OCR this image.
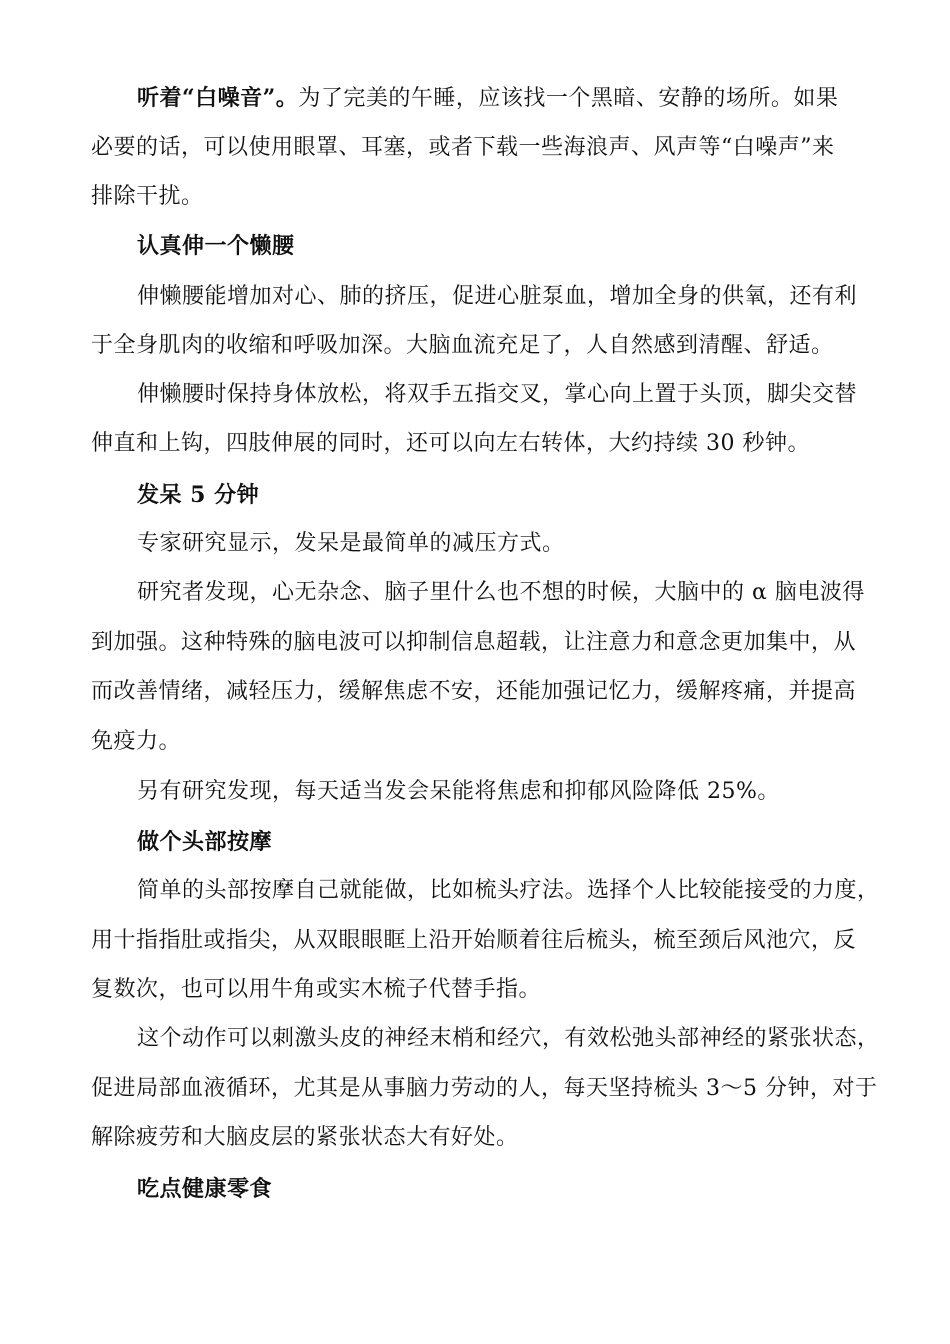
听着“白噪音”。为了完美的午睡，应该找一个黑暗、安静的场所。如果
必要的话，可以使用眼罩、耳塞，或者下载一些海浪声、风声等“白噪声”来
排除干扰。
认真伸一个懒腰
伸懒腰能增加对心、肺的挤压，促进心脏泵血，增加全身的供氧，还有利
于全身肌肉的收缩和呼吸加深。大脑血流充足了，人自然感到清醒、舒适。
伸懒腰时保持身体放松，将双手五指交叉，掌心向上置于头顶，脚尖交替
伸直和上钩，四肢伸展的同时，还可以向左右转体，大约持续 30 秒钟。
发呆 5 分钟
专家研究显示，发呆是最简单的减压方式。
研究者发现，心无杂念、脑子里什么也不想的时候，大脑中的 α 脑电波得
到加强。这种特殊的脑电波可以抑制信息超载，让注意力和意念更加集中，从
而改善情绪，减轻压力，缓解焦虑不安，还能加强记忆力，缓解疼痛，并提高
免疫力。
另有研究发现，每天适当发会呆能将焦虑和抑郁风险降低 25%。
做个头部按摩
简单的头部按摩自己就能做，比如梳头疗法。选择个人比较能接受的力度，
用十指指肚或指尖，从双眼眼眶上沿开始顺着往后梳头，梳至颈后风池穴，反
复数次，也可以用牛角或实木梳子代替手指。
这个动作可以刺激头皮的神经末梢和经穴，有效松弛头部神经的紧张状态，
促进局部血液循环，尤其是从事脑力劳动的人，每天坚持梳头 3～5 分钟，对于
解除疲劳和大脑皮层的紧张状态大有好处。
吃点健康零食
